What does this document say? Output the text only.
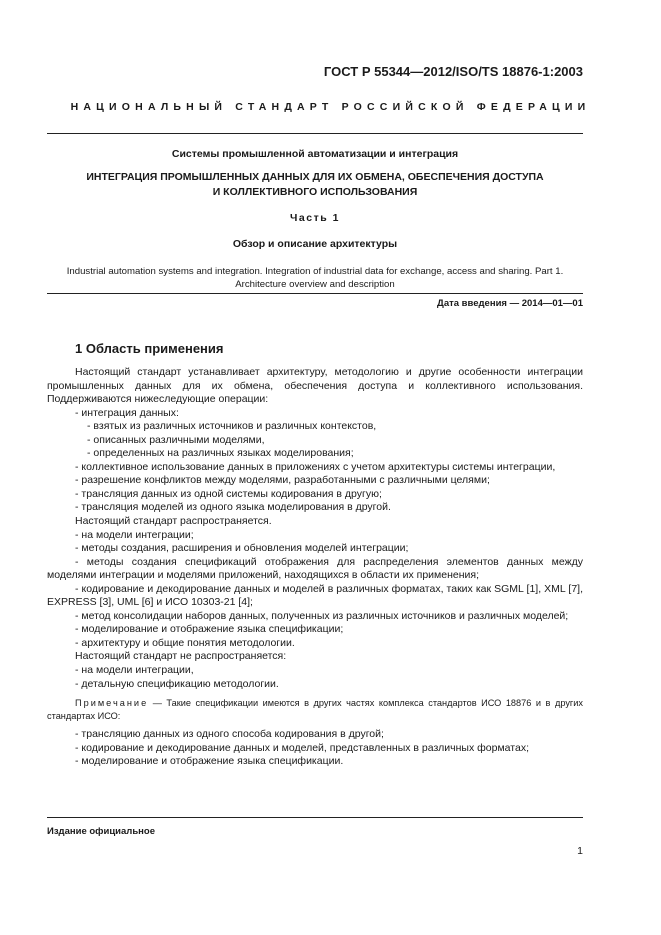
ГОСТ Р 55344—2012/ISO/TS 18876-1:2003
НАЦИОНАЛЬНЫЙ СТАНДАРТ РОССИЙСКОЙ ФЕДЕРАЦИИ
Системы промышленной автоматизации и интеграция
ИНТЕГРАЦИЯ ПРОМЫШЛЕННЫХ ДАННЫХ ДЛЯ ИХ ОБМЕНА, ОБЕСПЕЧЕНИЯ ДОСТУПА
И КОЛЛЕКТИВНОГО ИСПОЛЬЗОВАНИЯ
Часть 1
Обзор и описание архитектуры
Industrial automation systems and integration. Integration of industrial data for exchange, access and sharing. Part 1.
Architecture overview and description
Дата введения — 2014—01—01
1 Область применения

Настоящий стандарт устанавливает архитектуру, методологию и другие особенности интеграции промышленных данных для их обмена, обеспечения доступа и коллективного использования. Поддерживаются нижеследующие операции:

- интеграция данных:

- взятых из различных источников и различных контекстов,

- описанных различными моделями,

- определенных на различных языках моделирования;

- коллективное использование данных в приложениях с учетом архитектуры системы интеграции,

- разрешение конфликтов между моделями, разработанными с различными целями;

- трансляция данных из одной системы кодирования в другую;

- трансляция моделей из одного языка моделирования в другой.

Настоящий стандарт распространяется.

- на модели интеграции;

- методы создания, расширения и обновления моделей интеграции;

- методы создания спецификаций отображения для распределения элементов данных между моделями интеграции и моделями приложений, находящихся в области их применения;

- кодирование и декодирование данных и моделей в различных форматах, таких как SGML [1], XML [7], EXPRESS [3], UML [6] и ИСО 10303-21 [4];

- метод консолидации наборов данных, полученных из различных источников и различных моделей;

- моделирование и отображение языка спецификации;

- архитектуру и общие понятия методологии.

Настоящий стандарт не распространяется:

- на модели интеграции,

- детальную спецификацию методологии.

Примечание — Такие спецификации имеются в других частях комплекса стандартов ИСО 18876 и в других стандартах ИСО:

- трансляцию данных из одного способа кодирования в другой;

- кодирование и декодирование данных и моделей, представленных в различных форматах;

- моделирование и отображение языка спецификации.

Издание официальное
1
